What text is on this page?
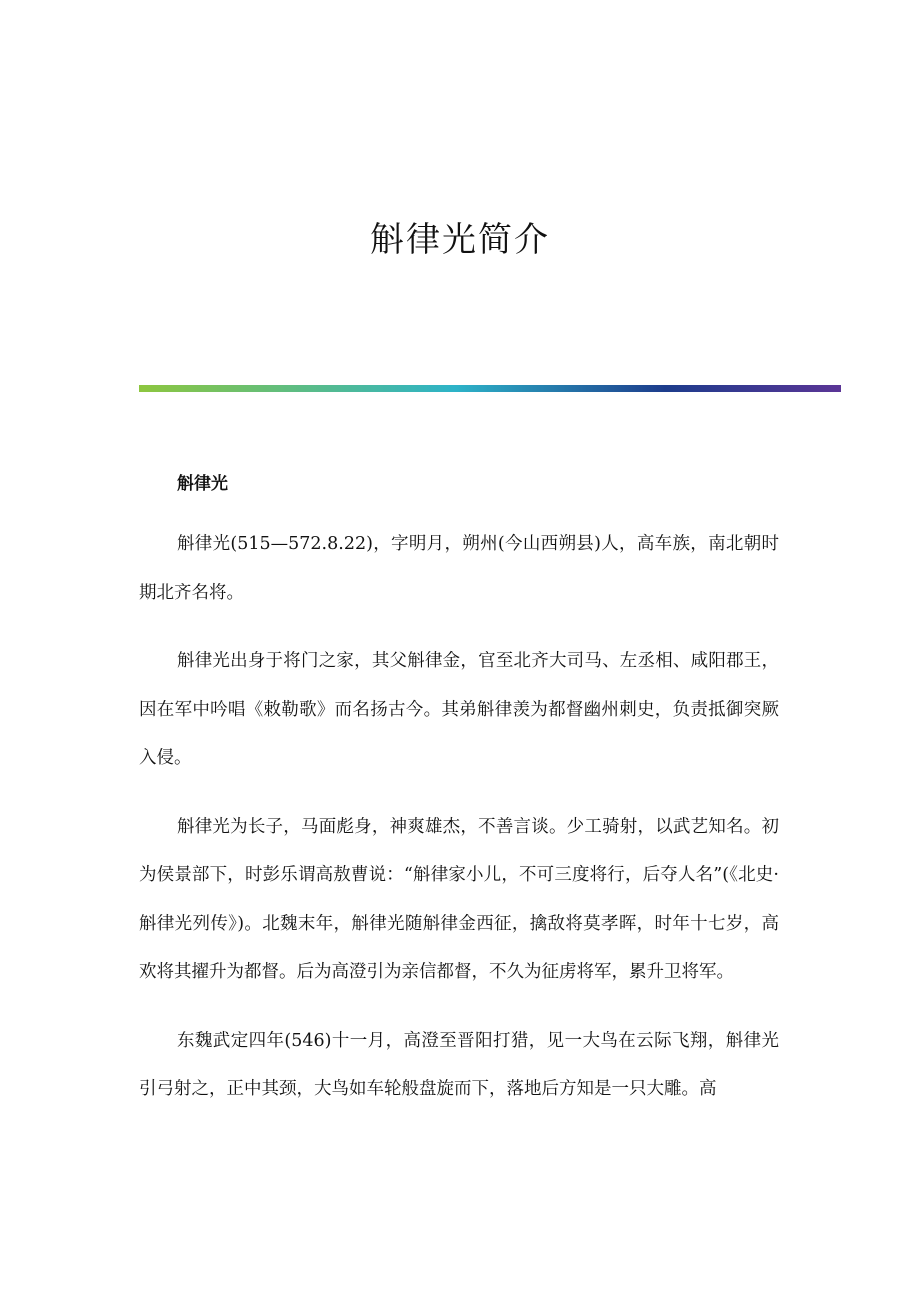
斛律光简介
斛律光

斛律光(515—572.8.22)，字明月，朔州(今山西朔县)人，高车族，南北朝时期北齐名将。

斛律光出身于将门之家，其父斛律金，官至北齐大司马、左丞相、咸阳郡王，因在军中吟唱《敕勒歌》而名扬古今。其弟斛律羡为都督幽州刺史，负责抵御突厥入侵。

斛律光为长子，马面彪身，神爽雄杰，不善言谈。少工骑射，以武艺知名。初为侯景部下，时彭乐谓高敖曹说：“斛律家小儿，不可三度将行，后夺人名”(《北史·斛律光列传》)。北魏末年，斛律光随斛律金西征，擒敌将莫孝晖，时年十七岁，高欢将其擢升为都督。后为高澄引为亲信都督，不久为征虏将军，累升卫将军。

东魏武定四年(546)十一月，高澄至晋阳打猎，见一大鸟在云际飞翔，斛律光引弓射之，正中其颈，大鸟如车轮般盘旋而下，落地后方知是一只大雕。高
